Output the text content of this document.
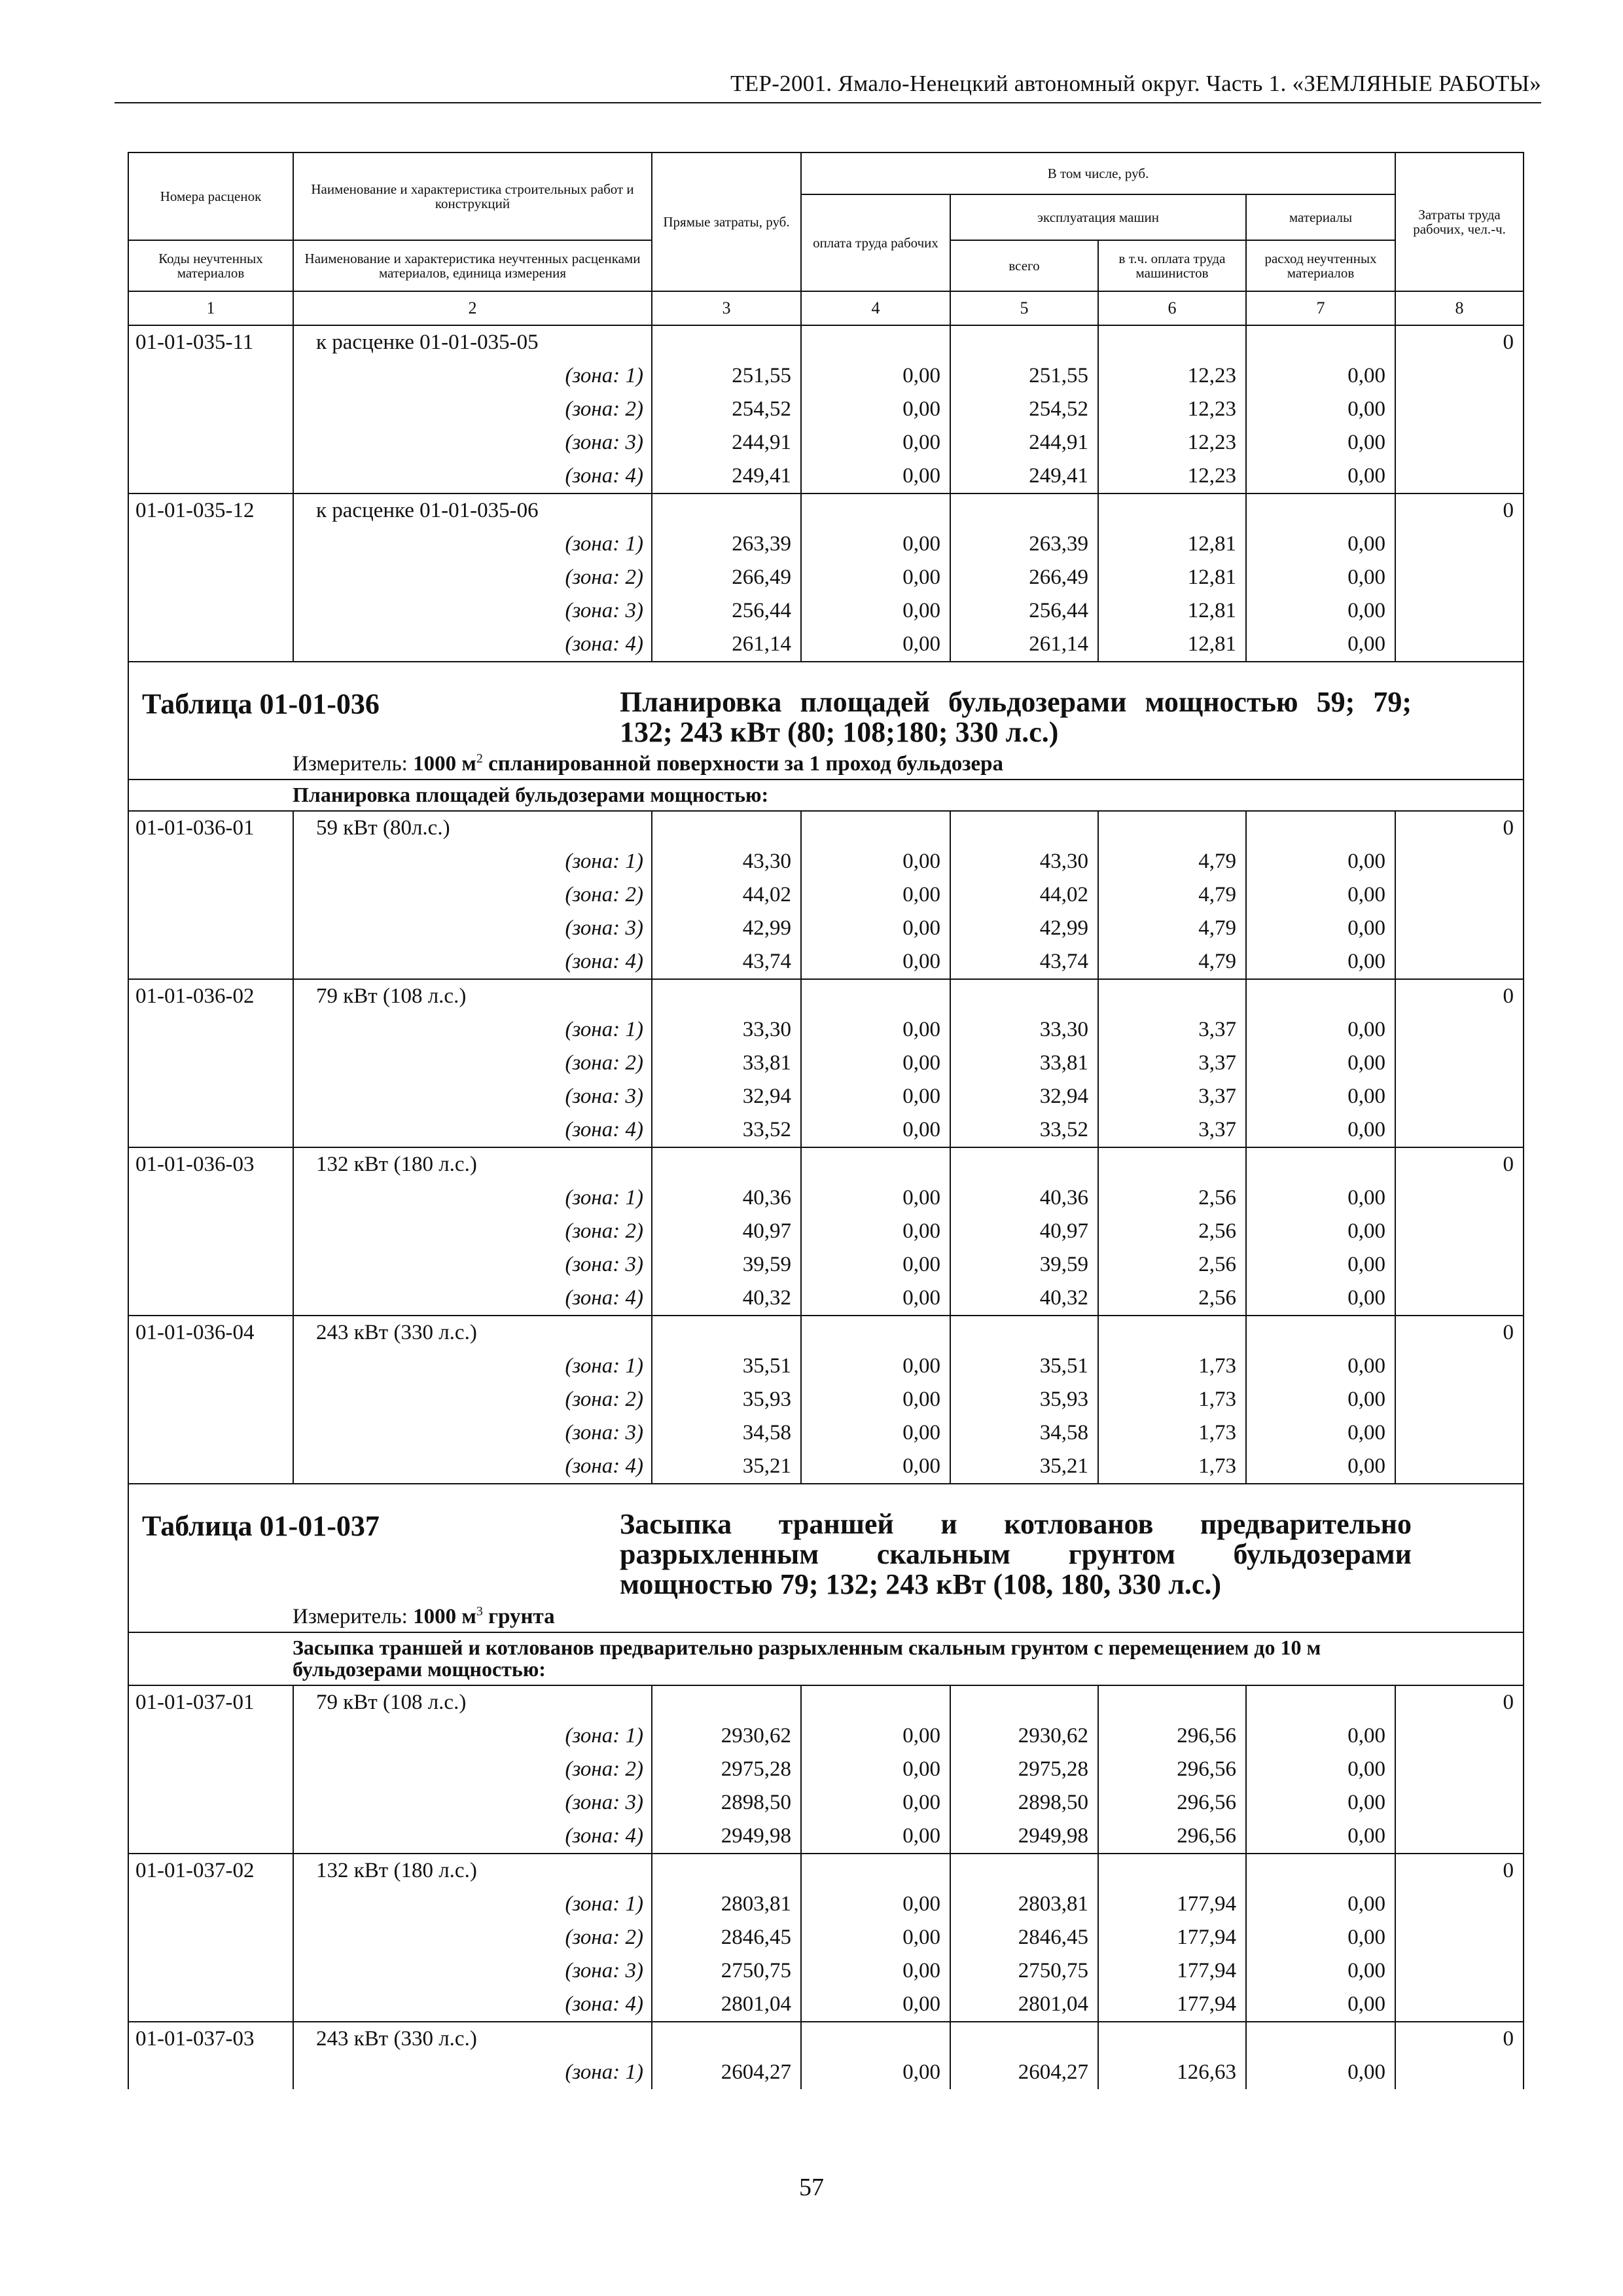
ТЕР-2001. Ямало-Ненецкий автономный округ. Часть 1. «ЗЕМЛЯНЫЕ РАБОТЫ»
Номера расценок	Наименование и характеристика строительных работ и конструкций	Прямые затраты, руб.	В том числе, руб.				Затраты труда рабочих, чел.-ч.
			оплата труда рабочих	эксплуатация машин		материалы	
Коды неучтенных материалов	Наименование и характеристика неучтенных расценками материалов, единица измерения			всего	в т.ч. оплата труда машинистов	расход неучтенных материалов	
1	2	3	4	5	6	7	8
01-01-035-11	к расценке 01-01-035-05						0
	(зона: 1)	251,55	0,00	251,55	12,23	0,00	
	(зона: 2)	254,52	0,00	254,52	12,23	0,00	
	(зона: 3)	244,91	0,00	244,91	12,23	0,00	
	(зона: 4)	249,41	0,00	249,41	12,23	0,00	
01-01-035-12	к расценке 01-01-035-06						0
	(зона: 1)	263,39	0,00	263,39	12,81	0,00	
	(зона: 2)	266,49	0,00	266,49	12,81	0,00	
	(зона: 3)	256,44	0,00	256,44	12,81	0,00	
	(зона: 4)	261,14	0,00	261,14	12,81	0,00	

Таблица 01-01-036 Планировка площадей бульдозерами мощностью 59; 79; 132; 243 кВт (80; 108;180; 330 л.с.)
Измеритель: 1000 $м^2$ спланированной поверхности за 1 проход бульдозера							

Планировка площадей бульдозерами мощностью:							
01-01-036-01	59 кВт (80л.с.)						0
	(зона: 1)	43,30	0,00	43,30	4,79	0,00	
	(зона: 2)	44,02	0,00	44,02	4,79	0,00	
	(зона: 3)	42,99	0,00	42,99	4,79	0,00	
	(зона: 4)	43,74	0,00	43,74	4,79	0,00	
01-01-036-02	79 кВт (108 л.с.)						0
	(зона: 1)	33,30	0,00	33,30	3,37	0,00	
	(зона: 2)	33,81	0,00	33,81	3,37	0,00	
	(зона: 3)	32,94	0,00	32,94	3,37	0,00	
	(зона: 4)	33,52	0,00	33,52	3,37	0,00	
01-01-036-03	132 кВт (180 л.с.)						0
	(зона: 1)	40,36	0,00	40,36	2,56	0,00	
	(зона: 2)	40,97	0,00	40,97	2,56	0,00	
	(зона: 3)	39,59	0,00	39,59	2,56	0,00	
	(зона: 4)	40,32	0,00	40,32	2,56	0,00	
01-01-036-04	243 кВт (330 л.с.)						0
	(зона: 1)	35,51	0,00	35,51	1,73	0,00	
	(зона: 2)	35,93	0,00	35,93	1,73	0,00	
	(зона: 3)	34,58	0,00	34,58	1,73	0,00	
	(зона: 4)	35,21	0,00	35,21	1,73	0,00	

Таблица 01-01-037 Засыпка траншей и котлованов предварительно разрыхленным скальным грунтом бульдозерами мощностью 79; 132; 243 кВт (108, 180, 330 л.с.)
Измеритель: 1000 $м^3$ грунта							

Засыпка траншей и котлованов предварительно разрыхленным скальным грунтом с перемещением до 10 м бульдозерами мощностью:							
01-01-037-01	79 кВт (108 л.с.)						0
	(зона: 1)	2930,62	0,00	2930,62	296,56	0,00	
	(зона: 2)	2975,28	0,00	2975,28	296,56	0,00	
	(зона: 3)	2898,50	0,00	2898,50	296,56	0,00	
	(зона: 4)	2949,98	0,00	2949,98	296,56	0,00	
01-01-037-02	132 кВт (180 л.с.)						0
	(зона: 1)	2803,81	0,00	2803,81	177,94	0,00	
	(зона: 2)	2846,45	0,00	2846,45	177,94	0,00	
	(зона: 3)	2750,75	0,00	2750,75	177,94	0,00	
	(зона: 4)	2801,04	0,00	2801,04	177,94	0,00	
01-01-037-03	243 кВт (330 л.с.)						0
	(зона: 1)	2604,27	0,00	2604,27	126,63	0,00	
57
